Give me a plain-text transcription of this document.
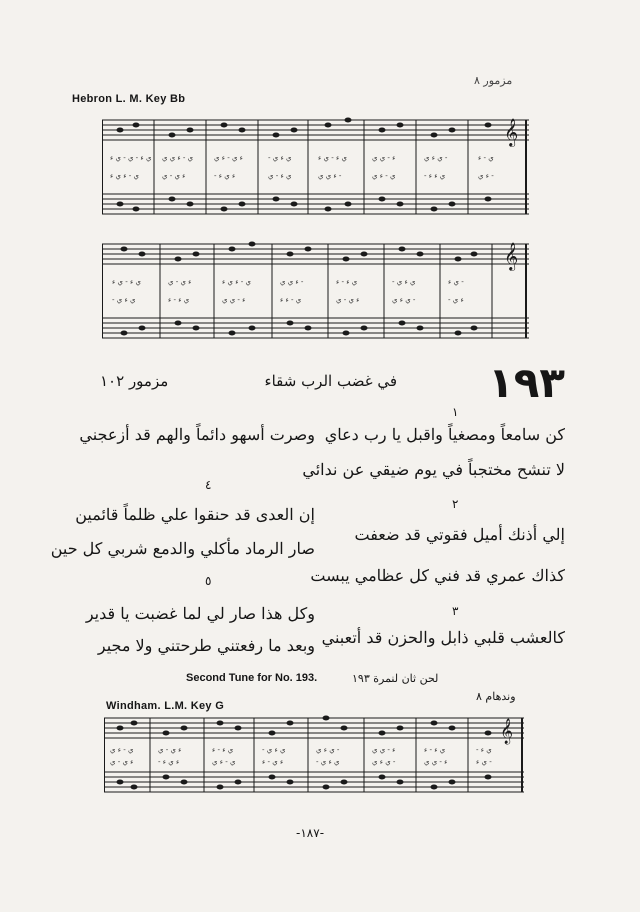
مزمور ٨
Hebron L. M. Key Bb
ي ء - ي - ي ء ي - ء ي ي	ء ي - ء ي	- ي ء ي	ي ء - ي ء	ء - ي ي	ي ء ي -	ي - ء
ي - ء ي ء	ء ي - ي	- ء ي ء	ي ء - ي	ء ي ي -	ي - ء ي	- ي ء ء	ء ي -
𝄞
ي ء - ي ء	ء ي - ي	ي - ء ي ء	ء ي ي -	ي ء - ء	- ي ء ي	ي ء -
- ي ء ي	ي ء - ء	ء - ي ي	ي - ء ء	ء ي - ي	ي ء ي -	- ء ي
𝄞
١٩٣
في غضب الرب شقاء
مزمور ١٠٢
١
كن سامعاً ومصغياً واقبل يا رب دعاي
لا تنشح مختجباً في يوم ضيقي عن ندائي
٢
إلي أذنك أميل فقوتي قد ضعفت
كذاك عمري قد فني كل عظامي يبست
٣
كالعشب قلبي ذابل والحزن قد أتعبني
وصرت أسهو دائماً والهم قد أزعجني
٤
إن العدى قد حنقوا علي ظلماً قائمين
صار الرماد مأكلي والدمع شربي كل حين
٥
وكل هذا صار لي لما غضبت يا قدير
وبعد ما رفعتني طرحتني ولا مجير
Second Tune for No. 193.	لحن ثان لنمرة ١٩٣
وندهام ٨
Windham. L.M. Key G
ي - ء ي	ء ي - ي	ي ء - ء	- ي ء ي	ي ء ي -	ء - ي ي	ي ء - ء	- ي ء
ء ي - ي	- ء ي ء	ي - ء ي	ء ي - ء	- ي ء ي	ي ء ي -	ء - ي ي	ي ء -
𝄞
-١٨٧-
